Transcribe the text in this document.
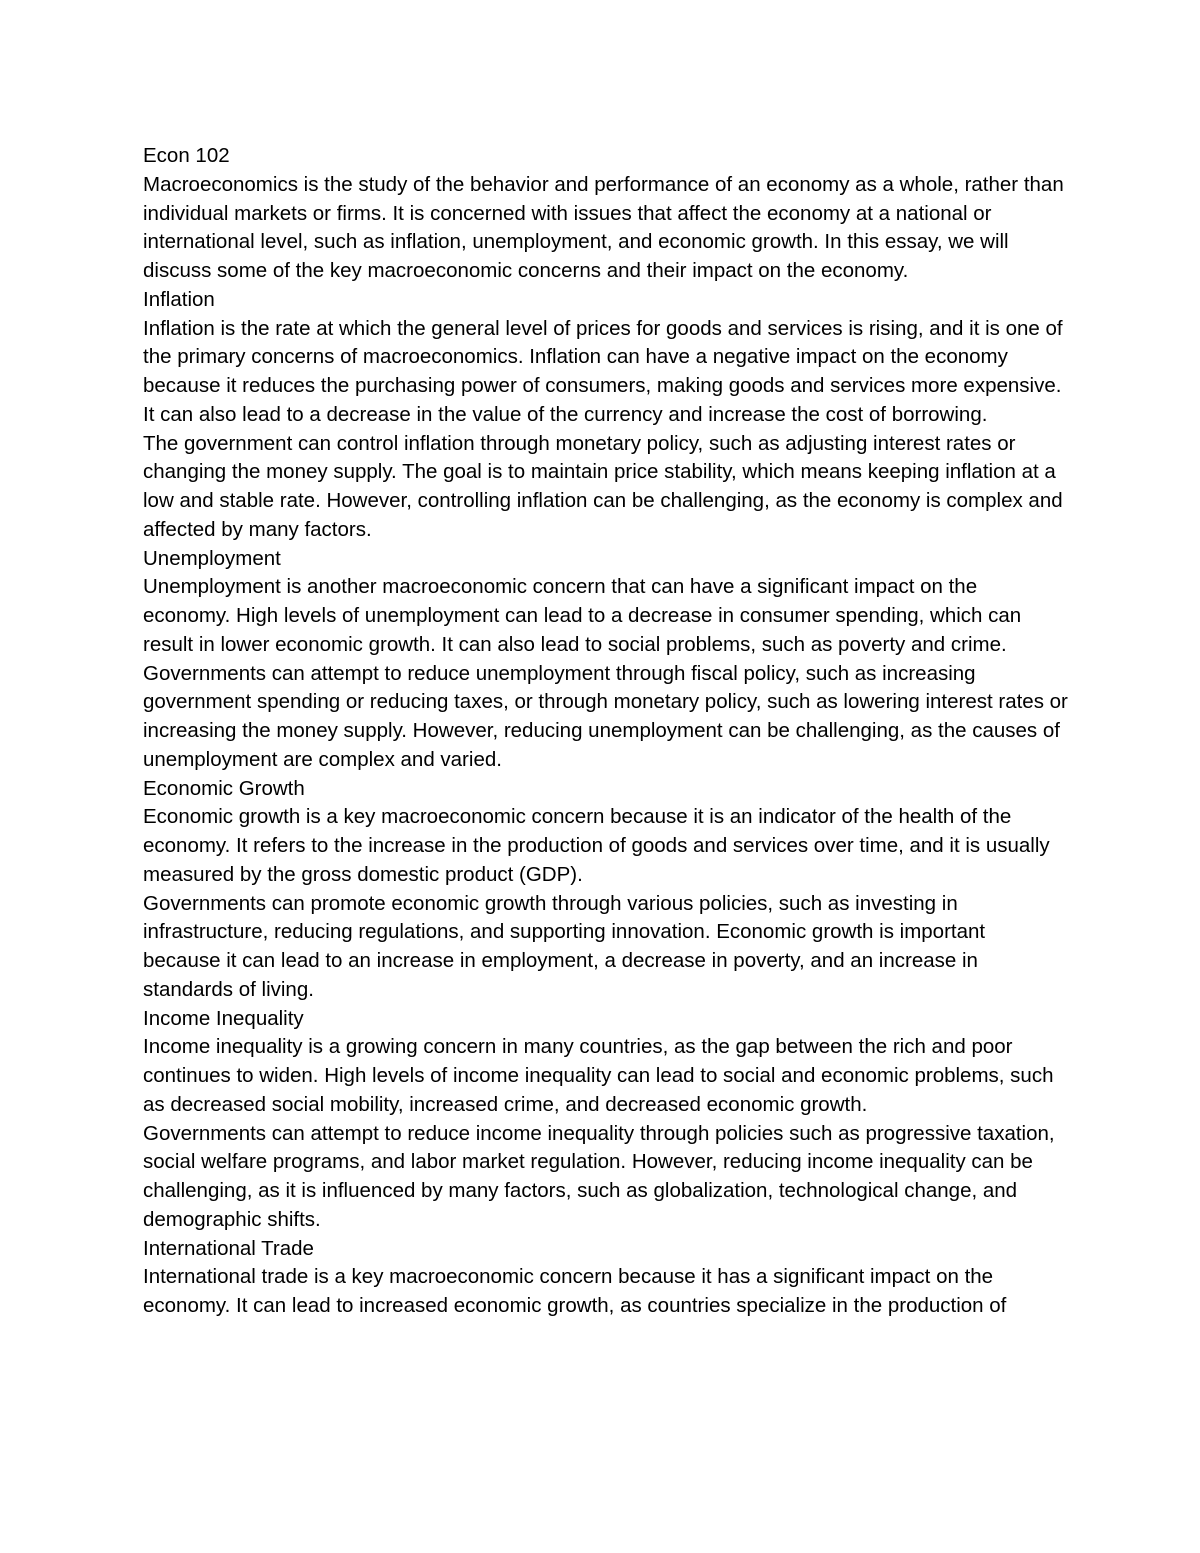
Econ 102

Macroeconomics is the study of the behavior and performance of an economy as a whole, rather than individual markets or firms. It is concerned with issues that affect the economy at a national or international level, such as inflation, unemployment, and economic growth. In this essay, we will discuss some of the key macroeconomic concerns and their impact on the economy.

Inflation

Inflation is the rate at which the general level of prices for goods and services is rising, and it is one of the primary concerns of macroeconomics. Inflation can have a negative impact on the economy because it reduces the purchasing power of consumers, making goods and services more expensive. It can also lead to a decrease in the value of the currency and increase the cost of borrowing.

The government can control inflation through monetary policy, such as adjusting interest rates or changing the money supply. The goal is to maintain price stability, which means keeping inflation at a low and stable rate. However, controlling inflation can be challenging, as the economy is complex and affected by many factors.

Unemployment

Unemployment is another macroeconomic concern that can have a significant impact on the economy. High levels of unemployment can lead to a decrease in consumer spending, which can result in lower economic growth. It can also lead to social problems, such as poverty and crime. Governments can attempt to reduce unemployment through fiscal policy, such as increasing government spending or reducing taxes, or through monetary policy, such as lowering interest rates or increasing the money supply. However, reducing unemployment can be challenging, as the causes of unemployment are complex and varied.

Economic Growth

Economic growth is a key macroeconomic concern because it is an indicator of the health of the economy. It refers to the increase in the production of goods and services over time, and it is usually measured by the gross domestic product (GDP).

Governments can promote economic growth through various policies, such as investing in infrastructure, reducing regulations, and supporting innovation. Economic growth is important because it can lead to an increase in employment, a decrease in poverty, and an increase in standards of living.

Income Inequality

Income inequality is a growing concern in many countries, as the gap between the rich and poor continues to widen. High levels of income inequality can lead to social and economic problems, such as decreased social mobility, increased crime, and decreased economic growth.

Governments can attempt to reduce income inequality through policies such as progressive taxation, social welfare programs, and labor market regulation. However, reducing income inequality can be challenging, as it is influenced by many factors, such as globalization, technological change, and demographic shifts.

International Trade

International trade is a key macroeconomic concern because it has a significant impact on the economy. It can lead to increased economic growth, as countries specialize in the production of
